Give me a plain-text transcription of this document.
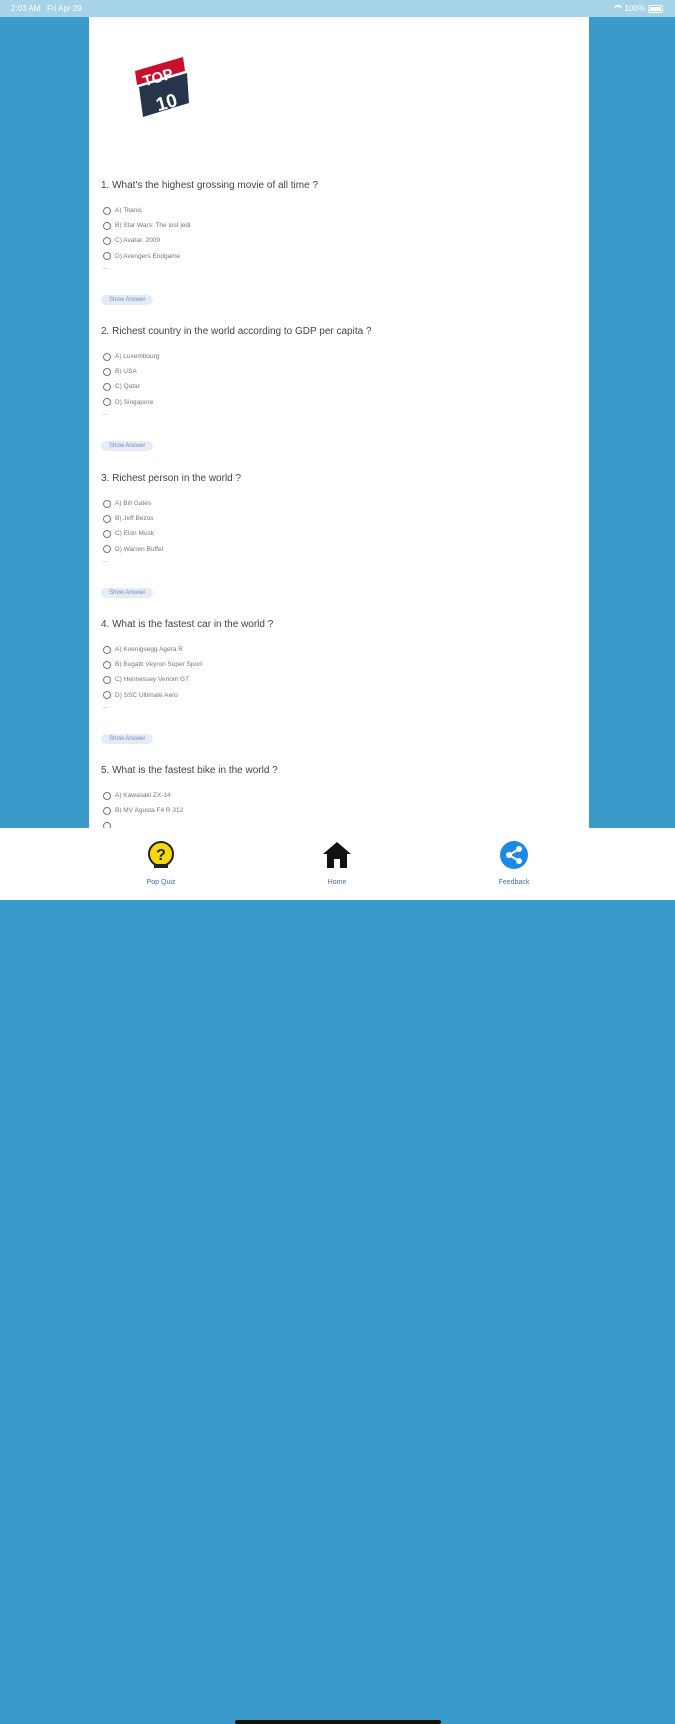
2:03 AM Fri Apr 29	100%
TOP
10

1. What's the highest grossing movie of all time ?

A) Titanic
B) Star Wars: The lost jedi
C) Avatar: 2009
D) Avengers Endgame
...
Show Answer

2. Richest country in the world according to GDP per capita ?

A) Luxembourg
B) USA
C) Qatar
D) Singapore
...
Show Answer

3. Richest person in the world ?

A) Bill Gates
B) Jeff Bezos
C) Elon Musk
D) Warren Buffet
...
Show Answer

4. What is the fastest car in the world ?

A) Koenigsegg Agera R
B) Bugatti Veyron Super Sport
C) Hennessey Venom GT
D) SSC Ultimate Aero
...
Show Answer

5. What is the fastest bike in the world ?

A) Kawasaki ZX-14
B) MV Agusta F4 R 312
?
Pop Quiz	Home	Feedback
